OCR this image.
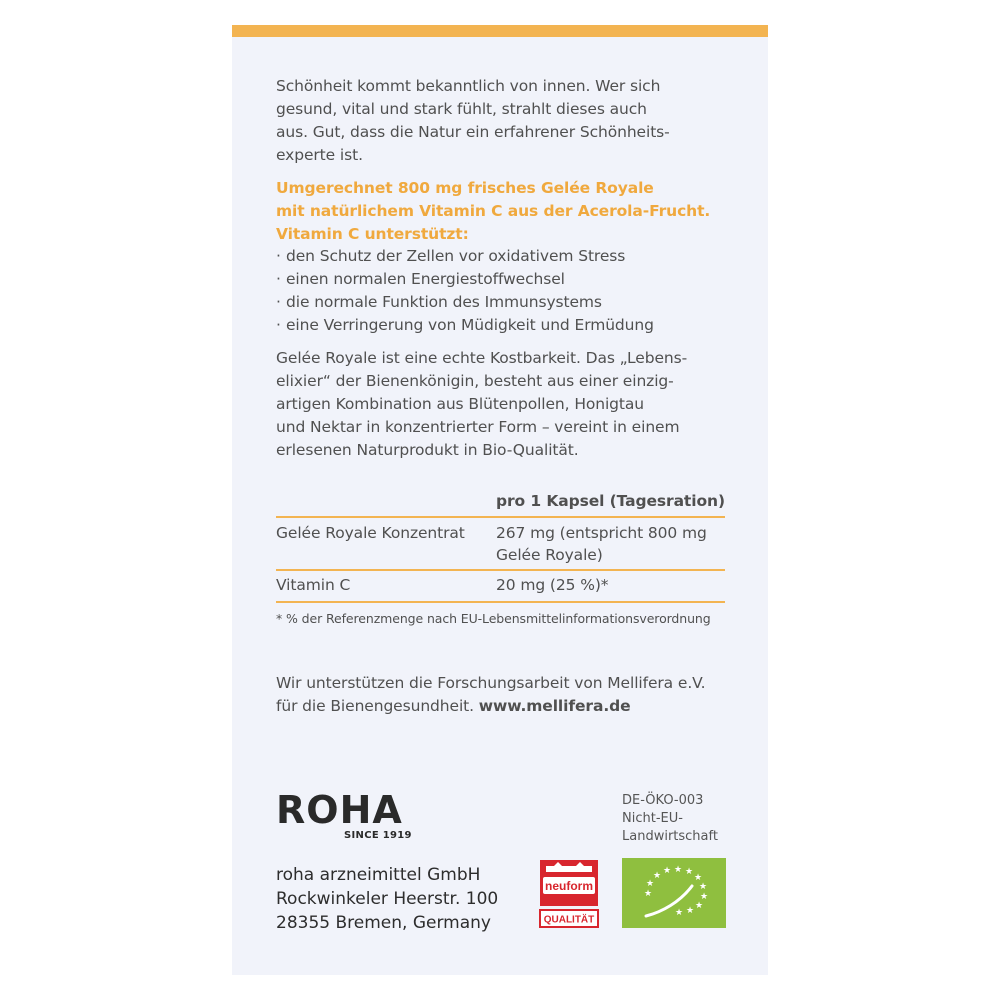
Schönheit kommt bekanntlich von innen. Wer sich
gesund, vital und stark fühlt, strahlt dieses auch
aus. Gut, dass die Natur ein erfahrener Schönheits-
experte ist.

Umgerechnet 800 mg frisches Gelée Royale
mit natürlichem Vitamin C aus der Acerola-Frucht.
Vitamin C unterstützt:

· den Schutz der Zellen vor oxidativem Stress
· einen normalen Energiestoffwechsel
· die normale Funktion des Immunsystems
· eine Verringerung von Müdigkeit und Ermüdung

Gelée Royale ist eine echte Kostbarkeit. Das „Lebens-
elixier“ der Bienenkönigin, besteht aus einer einzig-
artigen Kombination aus Blütenpollen, Honigtau
und Nektar in konzentrierter Form – vereint in einem
erlesenen Naturprodukt in Bio-Qualität.

pro 1 Kapsel (Tagesration)
Gelée Royale Konzentrat 267 mg (entspricht 800 mg
Gelée Royale)
Vitamin C	20 mg (25 %)*
* % der Referenzmenge nach EU-Lebensmittelinformationsverordnung

Wir unterstützen die Forschungsarbeit von Mellifera e.V.
für die Bienengesundheit. www.mellifera.de

ROHA
SINCE 1919
DE-ÖKO-003
Nicht-EU-
Landwirtschaft
roha arzneimittel GmbH
Rockwinkeler Heerstr. 100
28355 Bremen, Germany
neuform
QUALITÄT
★
★
★ ★ ★ ★
★
★
★
★
★
★
